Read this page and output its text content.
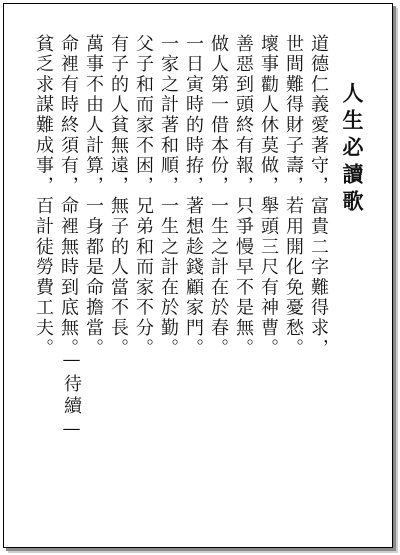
人生必讀歌
道德仁義愛著守，富貴二字難得求，
世間難得財子壽，若用開化免憂愁。
壞事勸人休莫做，舉頭三尺有神曹。
善惡到頭終有報，只爭慢早不是無。
做人第一借本份，一生之計在於春。
一日寅時的時拵，著想趁錢顧家門。
一家之計著和順，一生之計在於勤。
父子和而家不困，兄弟和而家不分。
有子的人貧無遠，無子的人當不長。
萬事不由人計算，一身都是命擔當。
命裡有時終須有，命裡無時到底無。
貧乏求謀難成事，百計徒勞費工夫。
—待續—
